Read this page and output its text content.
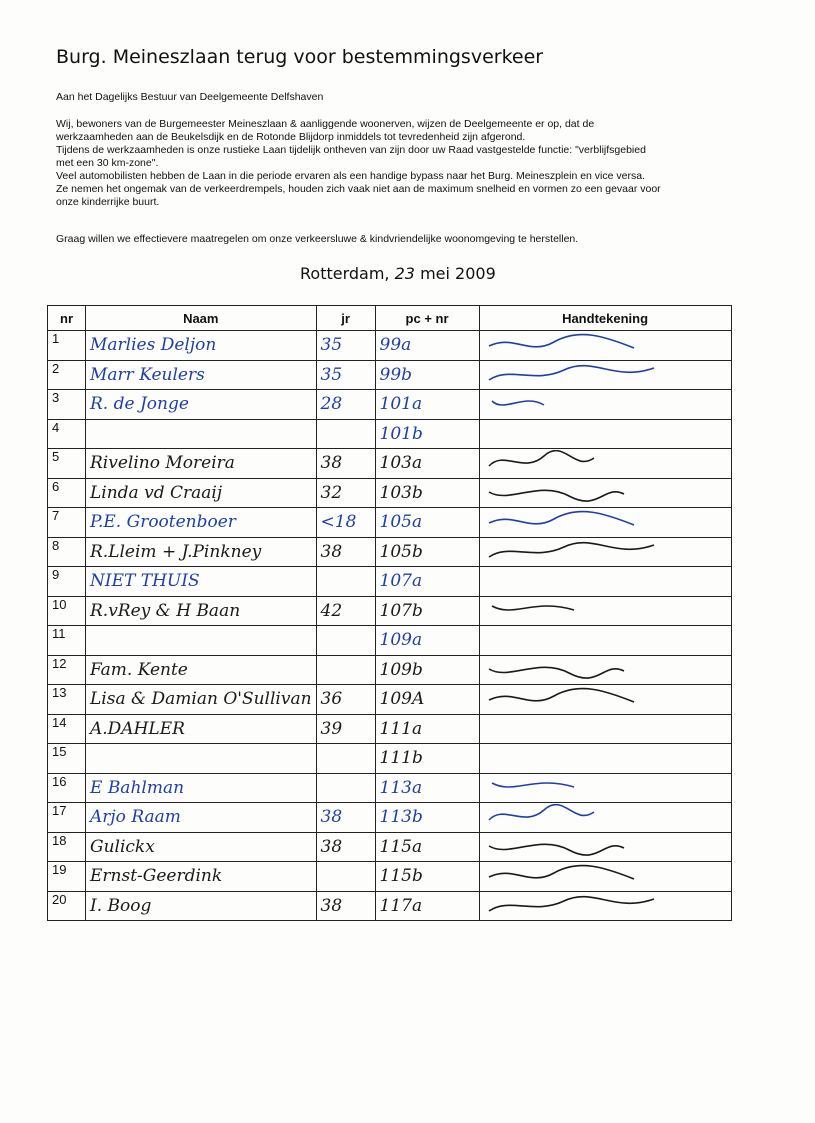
Burg. Meineszlaan terug voor bestemmingsverkeer
Aan het Dagelijks Bestuur van Deelgemeente Delfshaven

Wij, bewoners van de Burgemeester Meineszlaan & aanliggende woonerven, wijzen de Deelgemeente er op, dat de werkzaamheden aan de Beukelsdijk en de Rotonde Blijdorp inmiddels tot tevredenheid zijn afgerond.

Tijdens de werkzaamheden is onze rustieke Laan tijdelijk ontheven van zijn door uw Raad vastgestelde functie: "verblijfsgebied met een 30 km-zone".

Veel automobilisten hebben de Laan in die periode ervaren als een handige bypass naar het Burg. Meineszplein en vice versa.

Ze nemen het ongemak van de verkeerdrempels, houden zich vaak niet aan de maximum snelheid en vormen zo een gevaar voor onze kinderrijke buurt.

Graag willen we effectievere maatregelen om onze verkeersluwe & kindvriendelijke woonomgeving te herstellen.
Rotterdam, 23 mei 2009
nr	Naam	jr	pc + nr	Handtekening
1	Marlies Deljon	35	99a	

2	Marr Keulers	35	99b	

3	R. de Jonge	28	101a	

4			101b	
5	Rivelino Moreira	38	103a	

6	Linda vd Craaij	32	103b	

7	P.E. Grootenboer	<18	105a	

8	R.Lleim + J.Pinkney	38	105b	

9	NIET THUIS		107a	
10	R.vRey & H Baan	42	107b	

11			109a	
12	Fam. Kente		109b	

13	Lisa & Damian O'Sullivan	36	109A	

14	A.DAHLER	39	111a	
15			111b	
16	E Bahlman		113a	

17	Arjo Raam	38	113b	

18	Gulickx	38	115a	

19	Ernst-Geerdink		115b	

20	I. Boog	38	117a	
